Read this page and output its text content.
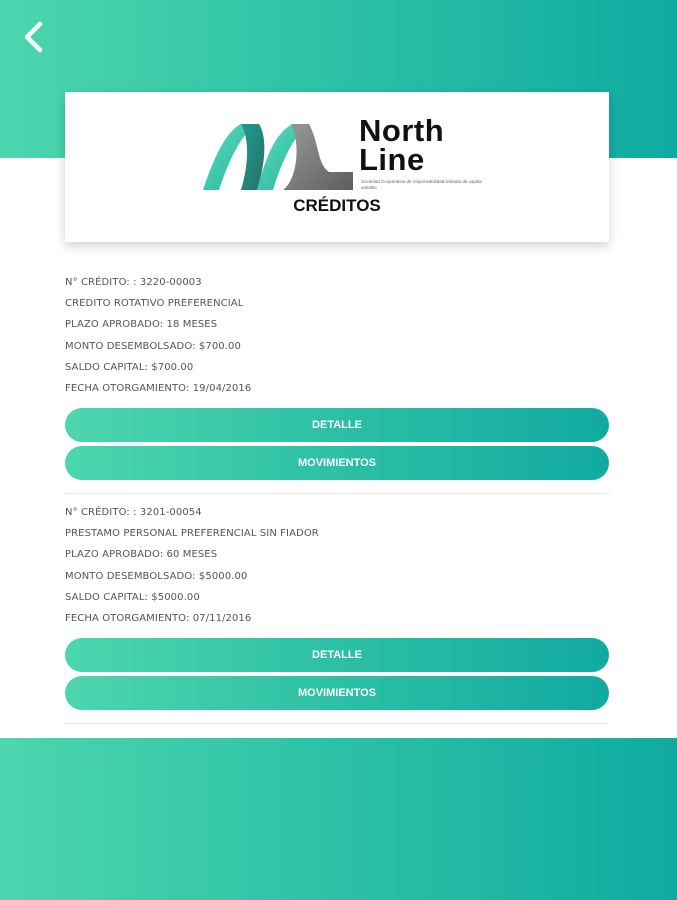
North
Line
Sociedad Cooperativa de responsabilidad limitada de capital variable
CRÉDITOS
N° CRÉDITO: : 3220-00003
CREDITO ROTATIVO PREFERENCIAL
PLAZO APROBADO: 18 MESES
MONTO DESEMBOLSADO: $700.00
SALDO CAPITAL: $700.00
FECHA OTORGAMIENTO: 19/04/2016
DETALLE
MOVIMIENTOS
N° CRÉDITO: : 3201-00054
PRESTAMO PERSONAL PREFERENCIAL SIN FIADOR
PLAZO APROBADO: 60 MESES
MONTO DESEMBOLSADO: $5000.00
SALDO CAPITAL: $5000.00
FECHA OTORGAMIENTO: 07/11/2016
DETALLE
MOVIMIENTOS
